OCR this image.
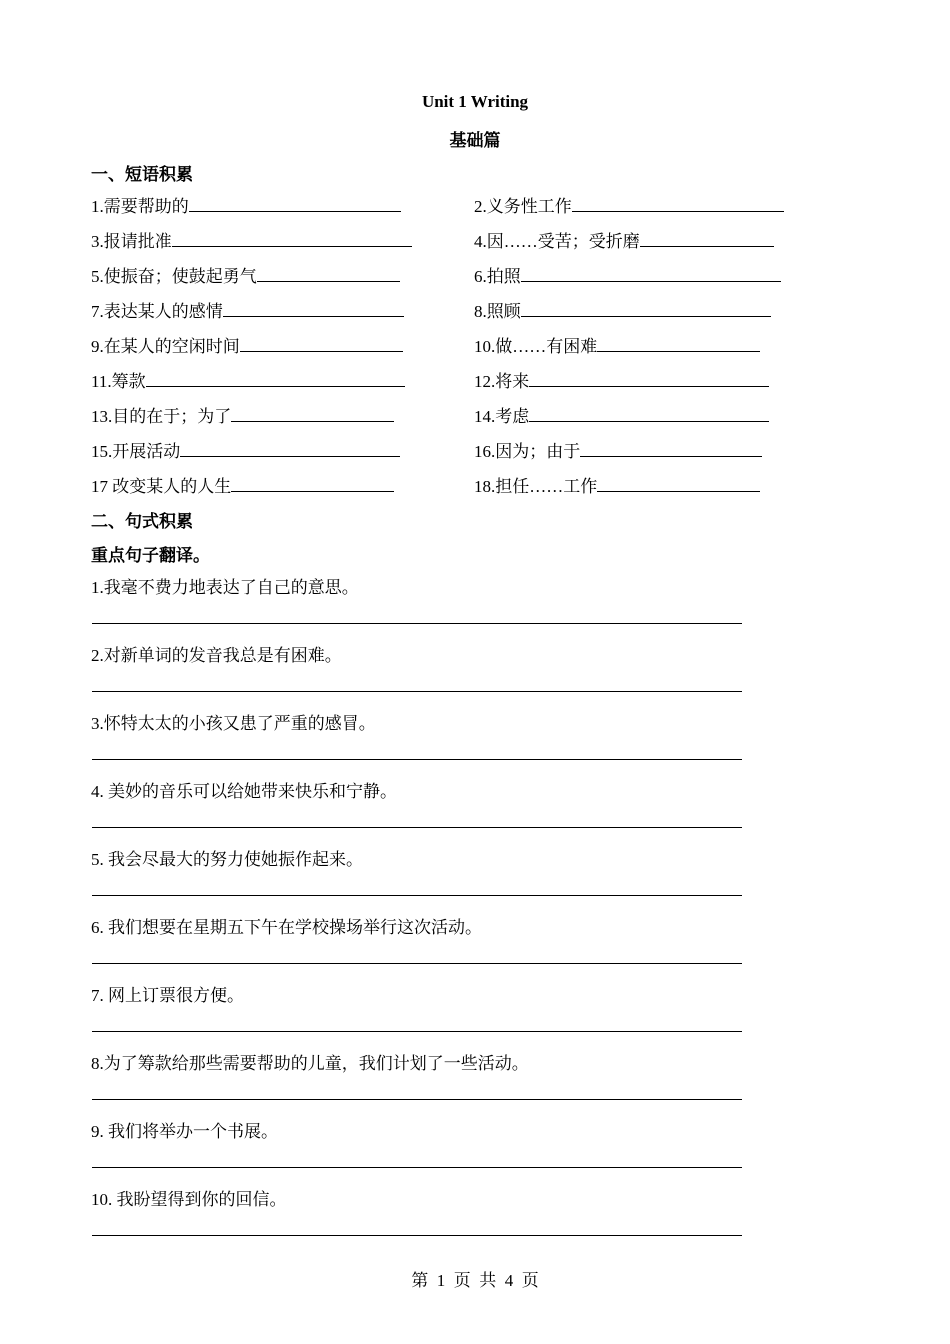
Unit 1 Writing
基础篇
一、短语积累
1.需要帮助的	2.义务性工作
3.报请批准	4.因……受苦；受折磨
5.使振奋；使鼓起勇气	6.拍照
7.表达某人的感情	8.照顾
9.在某人的空闲时间	10.做……有困难
11.筹款	12.将来
13.目的在于；为了	14.考虑
15.开展活动	16.因为；由于
17 改变某人的人生	18.担任……工作
二、句式积累
重点句子翻译。
1.我毫不费力地表达了自己的意思。
2.对新单词的发音我总是有困难。
3.怀特太太的小孩又患了严重的感冒。
4. 美妙的音乐可以给她带来快乐和宁静。
5. 我会尽最大的努力使她振作起来。
6. 我们想要在星期五下午在学校操场举行这次活动。
7. 网上订票很方便。
8.为了筹款给那些需要帮助的儿童，我们计划了一些活动。
9. 我们将举办一个书展。
10. 我盼望得到你的回信。
第 1 页 共 4 页
